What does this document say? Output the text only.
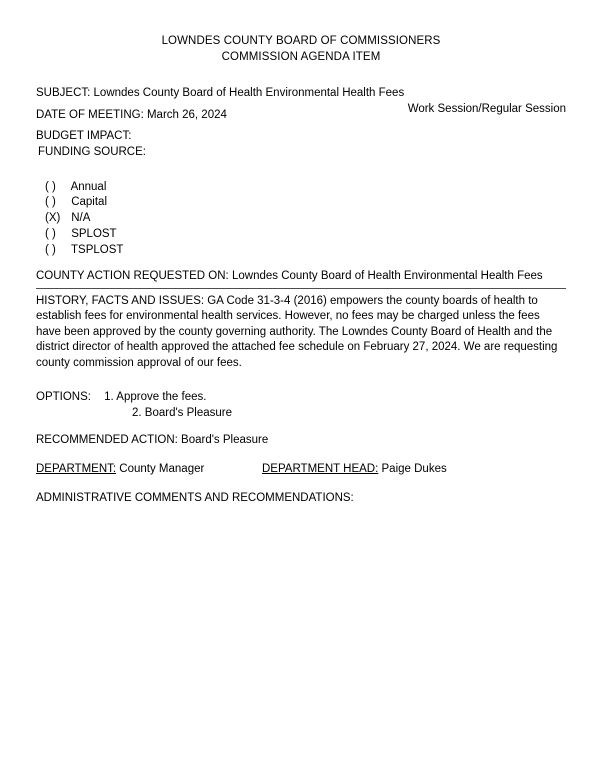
LOWNDES COUNTY BOARD OF COMMISSIONERS
COMMISSION AGENDA ITEM
SUBJECT: Lowndes County Board of Health Environmental Health Fees
DATE OF MEETING: March 26, 2024	Work Session/Regular Session
BUDGET IMPACT:
FUNDING SOURCE:
( ) Annual
( ) Capital
(X) N/A
( ) SPLOST
( ) TSPLOST
COUNTY ACTION REQUESTED ON: Lowndes County Board of Health Environmental Health Fees
HISTORY, FACTS AND ISSUES: GA Code 31-3-4 (2016) empowers the county boards of health to establish fees for environmental health services. However, no fees may be charged unless the fees have been approved by the county governing authority. The Lowndes County Board of Health and the district director of health approved the attached fee schedule on February 27, 2024. We are requesting county commission approval of our fees.
OPTIONS: 1. Approve the fees.
2. Board's Pleasure
RECOMMENDED ACTION: Board's Pleasure
DEPARTMENT: County Manager	DEPARTMENT HEAD: Paige Dukes
ADMINISTRATIVE COMMENTS AND RECOMMENDATIONS:
